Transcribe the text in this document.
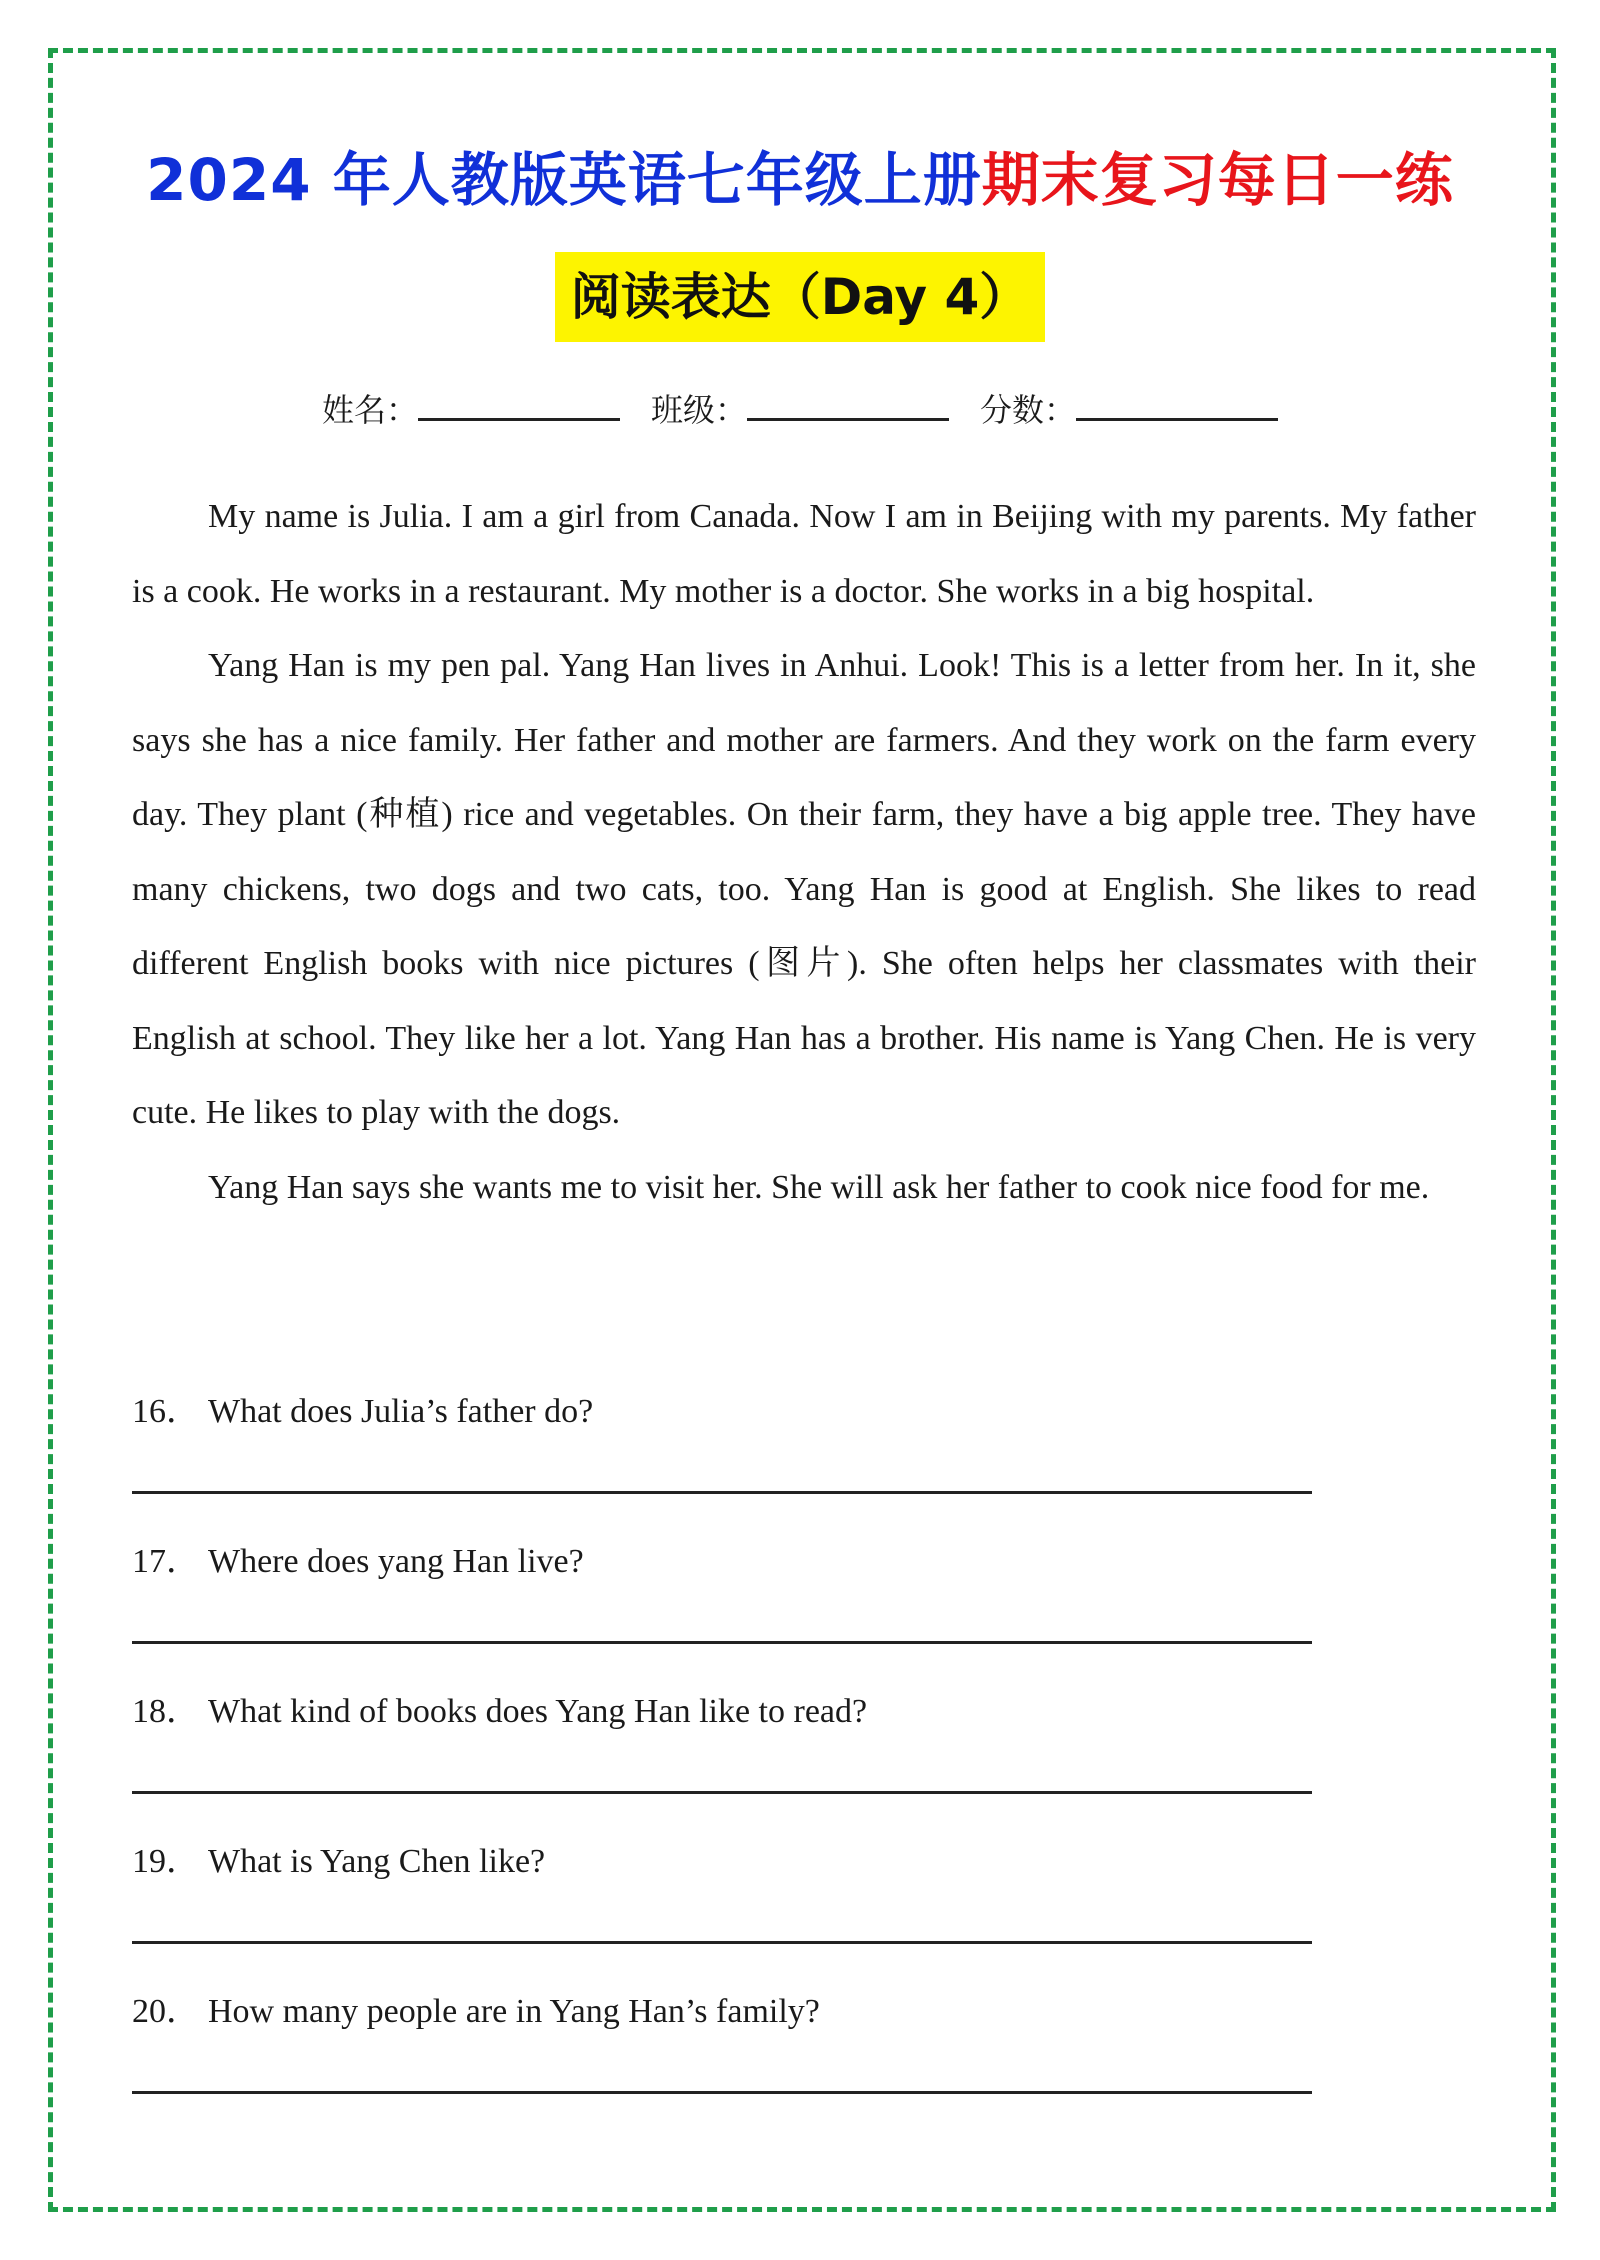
2024 年人教版英语七年级上册期末复习每日一练
阅读表达（Day 4）
姓名：	班级：	分数：

My name is Julia. I am a girl from Canada. Now I am in Beijing with my parents. My father is a cook. He works in a restaurant. My mother is a doctor. She works in a big hospital.

Yang Han is my pen pal. Yang Han lives in Anhui. Look! This is a letter from her. In it, she says she has a nice family. Her father and mother are farmers. And they work on the farm every day. They plant (种植) rice and vegetables. On their farm, they have a big apple tree. They have many chickens, two dogs and two cats, too. Yang Han is good at English. She likes to read different English books with nice pictures (图片). She often helps her classmates with their English at school. They like her a lot. Yang Han has a brother. His name is Yang Chen. He is very cute. He likes to play with the dogs.

Yang Han says she wants me to visit her. She will ask her father to cook nice food for me.

16． What does Julia’s father do?
17． Where does yang Han live?
18． What kind of books does Yang Han like to read?
19． What is Yang Chen like?
20． How many people are in Yang Han’s family?
